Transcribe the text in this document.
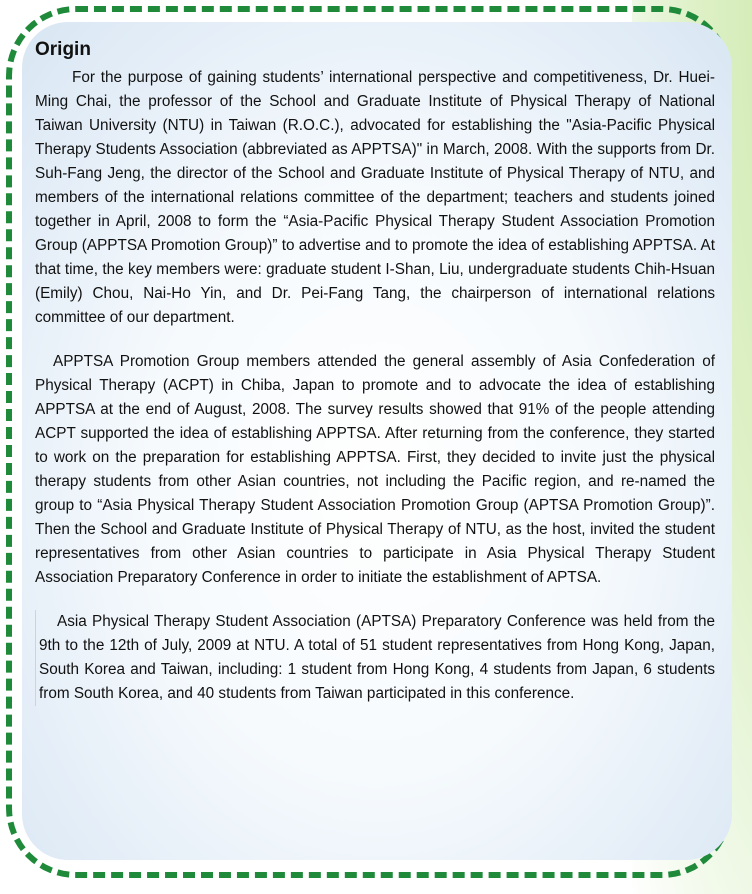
Origin

For the purpose of gaining students’ international perspective and competitiveness, Dr. Huei-Ming Chai, the professor of the School and Graduate Institute of Physical Therapy of National Taiwan University (NTU) in Taiwan (R.O.C.), advocated for establishing the "Asia-Pacific Physical Therapy Students Association (abbreviated as APPTSA)" in March, 2008. With the supports from Dr. Suh-Fang Jeng, the director of the School and Graduate Institute of Physical Therapy of NTU, and members of the international relations committee of the department; teachers and students joined together in April, 2008 to form the “Asia-Pacific Physical Therapy Student Association Promotion Group (APPTSA Promotion Group)” to advertise and to promote the idea of establishing APPTSA. At that time, the key members were: graduate student I-Shan, Liu, undergraduate students Chih-Hsuan (Emily) Chou, Nai-Ho Yin, and Dr. Pei-Fang Tang, the chairperson of international relations committee of our department.

APPTSA Promotion Group members attended the general assembly of Asia Confederation of Physical Therapy (ACPT) in Chiba, Japan to promote and to advocate the idea of establishing APPTSA at the end of August, 2008. The survey results showed that 91% of the people attending ACPT supported the idea of establishing APPTSA. After returning from the conference, they started to work on the preparation for establishing APPTSA. First, they decided to invite just the physical therapy students from other Asian countries, not including the Pacific region, and re-named the group to “Asia Physical Therapy Student Association Promotion Group (APTSA Promotion Group)”. Then the School and Graduate Institute of Physical Therapy of NTU, as the host, invited the student representatives from other Asian countries to participate in Asia Physical Therapy Student Association Preparatory Conference in order to initiate the establishment of APTSA.

Asia Physical Therapy Student Association (APTSA) Preparatory Conference was held from the 9th to the 12th of July, 2009 at NTU. A total of 51 student representatives from Hong Kong, Japan, South Korea and Taiwan, including: 1 student from Hong Kong, 4 students from Japan, 6 students from South Korea, and 40 students from Taiwan participated in this conference.
